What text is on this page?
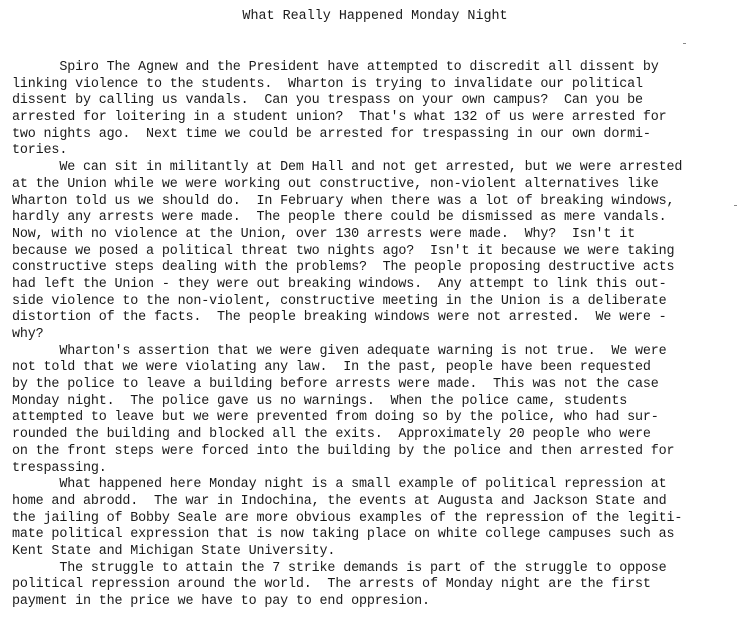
What Really Happened Monday Night
Spiro The Agnew and the President have attempted to discredit all dissent by
linking violence to the students.  Wharton is trying to invalidate our political
dissent by calling us vandals.  Can you trespass on your own campus?  Can you be
arrested for loitering in a student union?  That's what 132 of us were arrested for
two nights ago.  Next time we could be arrested for trespassing in our own dormi-
tories.
We can sit in militantly at Dem Hall and not get arrested, but we were arrested
at the Union while we were working out constructive, non-violent alternatives like
Wharton told us we should do.  In February when there was a lot of breaking windows,
hardly any arrests were made.  The people there could be dismissed as mere vandals.
Now, with no violence at the Union, over 130 arrests were made.  Why?  Isn't it
because we posed a political threat two nights ago?  Isn't it because we were taking
constructive steps dealing with the problems?  The people proposing destructive acts
had left the Union - they were out breaking windows.  Any attempt to link this out-
side violence to the non-violent, constructive meeting in the Union is a deliberate
distortion of the facts.  The people breaking windows were not arrested.  We were -
why?
Wharton's assertion that we were given adequate warning is not true.  We were
not told that we were violating any law.  In the past, people have been requested
by the police to leave a building before arrests were made.  This was not the case
Monday night.  The police gave us no warnings.  When the police came, students
attempted to leave but we were prevented from doing so by the police, who had sur-
rounded the building and blocked all the exits.  Approximately 20 people who were
on the front steps were forced into the building by the police and then arrested for
trespassing.
What happened here Monday night is a small example of political repression at
home and abrodd.  The war in Indochina, the events at Augusta and Jackson State and
the jailing of Bobby Seale are more obvious examples of the repression of the legiti-
mate political expression that is now taking place on white college campuses such as
Kent State and Michigan State University.
The struggle to attain the 7 strike demands is part of the struggle to oppose
political repression around the world.  The arrests of Monday night are the first
payment in the price we have to pay to end oppresion.
